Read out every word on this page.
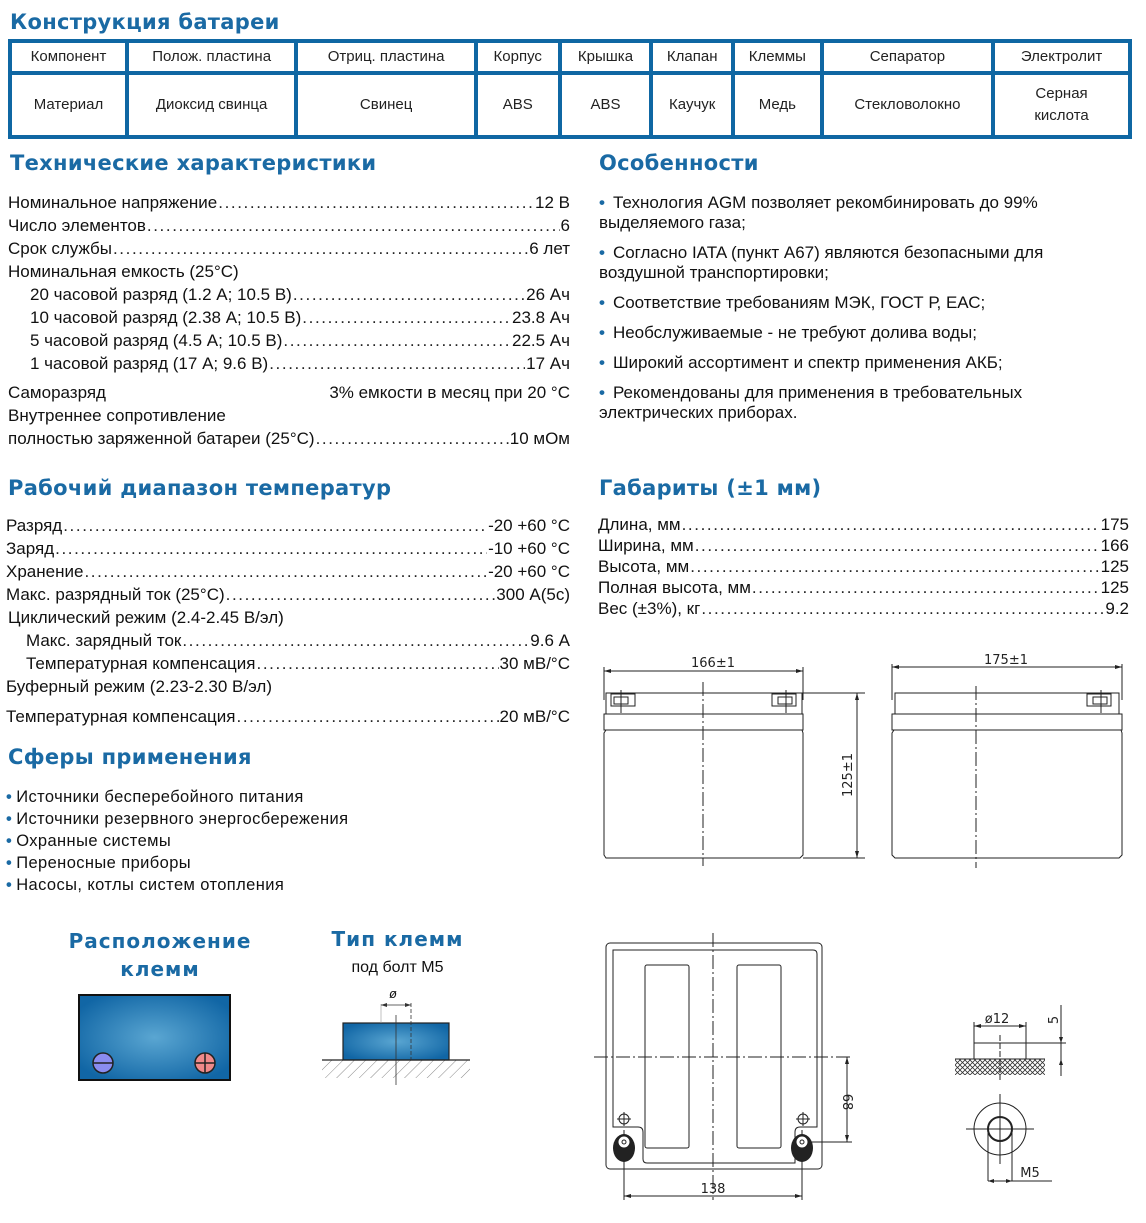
Конструкция батареи
Компонент	Полож. пластина	Отриц. пластина	Корпус	Крышка	Клапан	Клеммы	Сепаратор	Электролит
Материал	Диоксид свинца	Свинец	ABS	ABS	Каучук	Медь	Стекловолокно	Серная кислота
Технические характеристики
Номинальное напряжение .....	12 В
Число элементов .....	6
Срок службы .....	6 лет
Номинальная емкость (25°C)
20 часовой разряд (1.2 А; 10.5 В) .....	26 Ач
10 часовой разряд (2.38 А; 10.5 В) .....	23.8 Ач
5 часовой разряд (4.5 А; 10.5 В) .....	22.5 Ач
1 часовой разряд (17 А; 9.6 В) .....	17 Ач
Саморазряд	3% емкости в месяц при 20 °C
Внутреннее сопротивление
полностью заряженной батареи (25°C) .....	10 мОм
Особенности
• Технология AGM позволяет рекомбинировать до 99% выделяемого газа;
• Согласно IATA (пункт А67) являются безопасными для воздушной транспортировки;
• Соответствие требованиям МЭК, ГОСТ Р, ЕАС;
• Необслуживаемые - не требуют долива воды;
• Широкий ассортимент и спектр применения АКБ;
• Рекомендованы для применения в требовательных электрических приборах.
Рабочий диапазон температур
Разряд .....	-20 +60 °C
Заряд .....	-10 +60 °C
Хранение .....	-20 +60 °C
Макс. разрядный ток (25°C) .....	300 А(5с)
Циклический режим (2.4-2.45 В/эл)
Макс. зарядный ток .....	9.6 А
Температурная компенсация .....	30 мВ/°C
Буферный режим (2.23-2.30 В/эл)
Температурная компенсация .....	20 мВ/°C
Габариты (±1 мм)
Длина, мм .....	175
Ширина, мм .....	166
Высота, мм .....	125
Полная высота, мм .....	125
Вес (±3%), кг .....	9.2
Сферы применения
• Источники бесперебойного питания
• Источники резервного энергосбережения
• Охранные системы
• Переносные приборы
• Насосы, котлы систем отопления
Расположение
клемм
Тип клемм
под болт М5
ø
166±1	175±1
125±1
138
68
ø12	5
M5
